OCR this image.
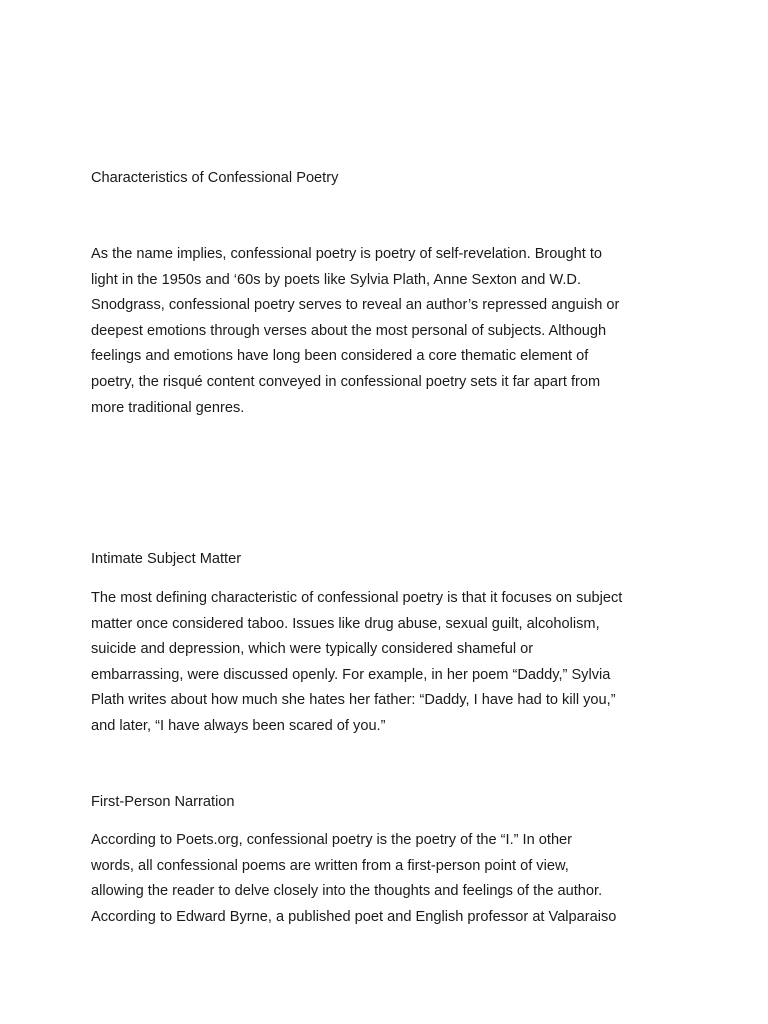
Characteristics of Confessional Poetry

As the name implies, confessional poetry is poetry of self-revelation. Brought to
light in the 1950s and ‘60s by poets like Sylvia Plath, Anne Sexton and W.D.
Snodgrass, confessional poetry serves to reveal an author’s repressed anguish or
deepest emotions through verses about the most personal of subjects. Although
feelings and emotions have long been considered a core thematic element of
poetry, the risqué content conveyed in confessional poetry sets it far apart from
more traditional genres.

Intimate Subject Matter

The most defining characteristic of confessional poetry is that it focuses on subject
matter once considered taboo. Issues like drug abuse, sexual guilt, alcoholism,
suicide and depression, which were typically considered shameful or
embarrassing, were discussed openly. For example, in her poem “Daddy,” Sylvia
Plath writes about how much she hates her father: “Daddy, I have had to kill you,”
and later, “I have always been scared of you.”

First-Person Narration

According to Poets.org, confessional poetry is the poetry of the “I.” In other
words, all confessional poems are written from a first-person point of view,
allowing the reader to delve closely into the thoughts and feelings of the author.
According to Edward Byrne, a published poet and English professor at Valparaiso
